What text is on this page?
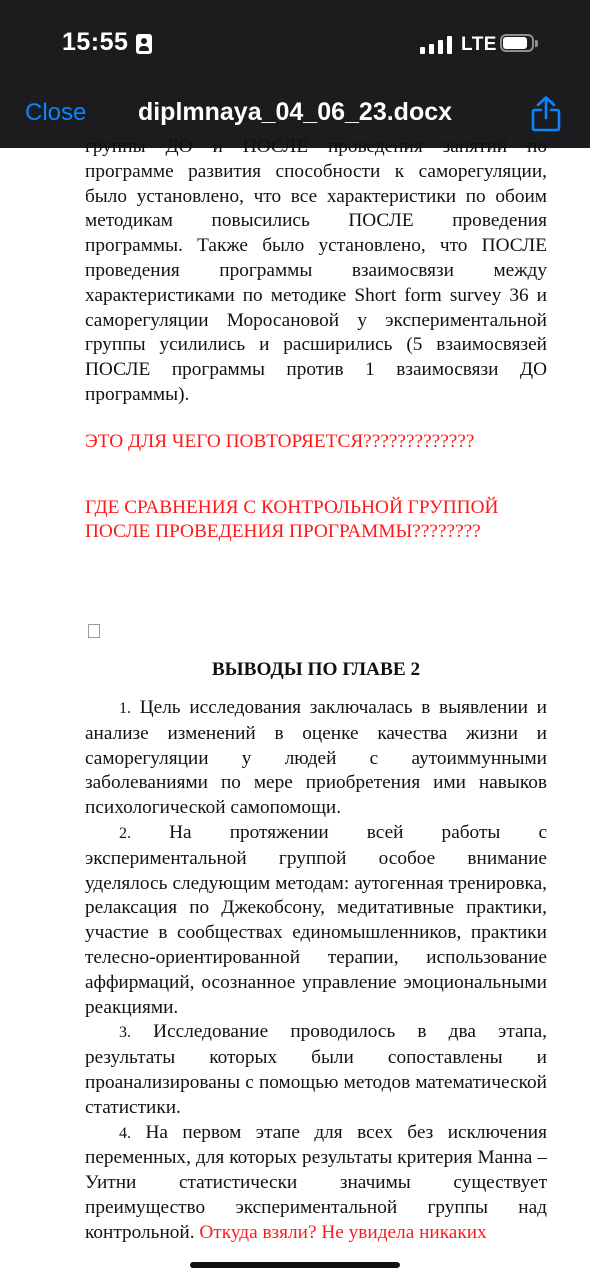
15:55	LTE
Close	diplmnaya_04_06_23.docx

группы ДО и ПОСЛЕ проведения занятий по программе развития способности к саморегуляции, было установлено, что все характеристики по обоим методикам повысились ПОСЛЕ проведения программы. Также было установлено, что ПОСЛЕ проведения программы взаимосвязи между характеристиками по методике Short form survey 36 и саморегуляции Моросановой у экспериментальной группы усилились и расширились (5 взаимосвязей ПОСЛЕ программы против 1 взаимосвязи ДО программы).

ЭТО ДЛЯ ЧЕГО ПОВТОРЯЕТСЯ?????????????

ГДЕ СРАВНЕНИЯ С КОНТРОЛЬНОЙ ГРУППОЙ ПОСЛЕ ПРОВЕДЕНИЯ ПРОГРАММЫ????????

ВЫВОДЫ ПО ГЛАВЕ 2

1. Цель исследования заключалась в выявлении и анализе изменений в оценке качества жизни и саморегуляции у людей с аутоиммунными заболеваниями по мере приобретения ими навыков психологической самопомощи.

2. На протяжении всей работы с экспериментальной группой особое внимание уделялось следующим методам: аутогенная тренировка, релаксация по Джекобсону, медитативные практики, участие в сообществах единомышленников, практики телесно-ориентированной терапии, использование аффирмаций, осознанное управление эмоциональными реакциями.

3. Исследование проводилось в два этапа, результаты которых были сопоставлены и проанализированы с помощью методов математической статистики.

4. На первом этапе для всех без исключения переменных, для которых результаты критерия Манна – Уитни статистически значимы существует преимущество экспериментальной группы над контрольной. Откуда взяли? Не увидела никаких
